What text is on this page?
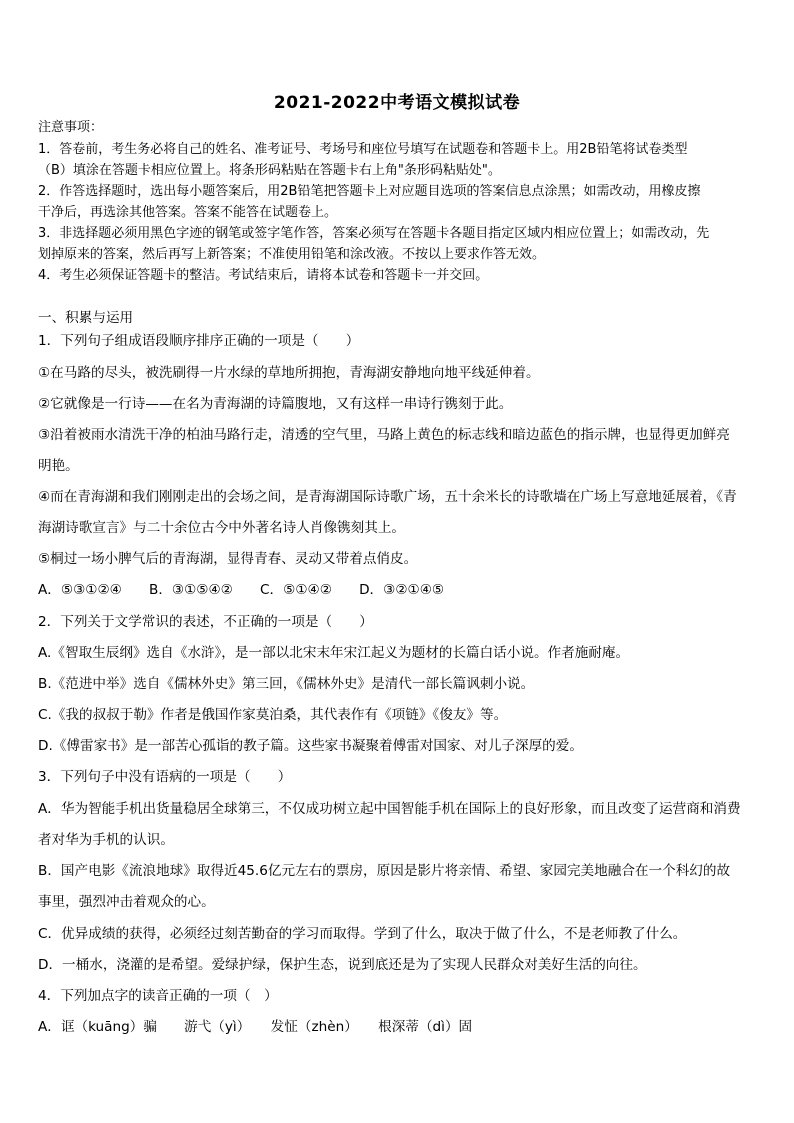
2021-2022中考语文模拟试卷
注意事项：
1．答卷前，考生务必将自己的姓名、准考证号、考场号和座位号填写在试题卷和答题卡上。用2B铅笔将试卷类型
（B）填涂在答题卡相应位置上。将条形码粘贴在答题卡右上角"条形码粘贴处"。
2．作答选择题时，选出每小题答案后，用2B铅笔把答题卡上对应题目选项的答案信息点涂黑；如需改动，用橡皮擦
干净后，再选涂其他答案。答案不能答在试题卷上。
3．非选择题必须用黑色字迹的钢笔或签字笔作答，答案必须写在答题卡各题目指定区域内相应位置上；如需改动，先
划掉原来的答案，然后再写上新答案；不准使用铅笔和涂改液。不按以上要求作答无效。
4．考生必须保证答题卡的整洁。考试结束后，请将本试卷和答题卡一并交回。
一、积累与运用
1．下列句子组成语段顺序排序正确的一项是（　　）
①在马路的尽头，被洗刷得一片水绿的草地所拥抱，青海湖安静地向地平线延伸着。
②它就像是一行诗——在名为青海湖的诗篇腹地，又有这样一串诗行镌刻于此。
③沿着被雨水清洗干净的柏油马路行走，清透的空气里，马路上黄色的标志线和暗边蓝色的指示牌，也显得更加鲜亮
明艳。
④而在青海湖和我们刚刚走出的会场之间，是青海湖国际诗歌广场，五十余米长的诗歌墙在广场上写意地延展着，《青
海湖诗歌宣言》与二十余位古今中外著名诗人肖像镌刻其上。
⑤桐过一场小脾气后的青海湖，显得青春、灵动又带着点俏皮。
A．⑤③①②④　　B．③①⑤④②　　C．⑤①④②　　D．③②①④⑤
2．下列关于文学常识的表述，不正确的一项是（　　）
A.《智取生辰纲》选自《水浒》，是一部以北宋末年宋江起义为题材的长篇白话小说。作者施耐庵。
B.《范进中举》选自《儒林外史》第三回，《儒林外史》是清代一部长篇讽刺小说。
C.《我的叔叔于勒》作者是俄国作家莫泊桑，其代表作有《项链》《俊友》等。
D.《傅雷家书》是一部苦心孤诣的教子篇。这些家书凝聚着傅雷对国家、对儿子深厚的爱。
3．下列句子中没有语病的一项是（　　）
A．华为智能手机出货量稳居全球第三，不仅成功树立起中国智能手机在国际上的良好形象，而且改变了运营商和消费
者对华为手机的认识。
B．国产电影《流浪地球》取得近45.6亿元左右的票房，原因是影片将亲情、希望、家园完美地融合在一个科幻的故
事里，强烈冲击着观众的心。
C．优异成绩的获得，必须经过刻苦勤奋的学习而取得。学到了什么，取决于做了什么，不是老师教了什么。
D．一桶水，浇灌的是希望。爱绿护绿，保护生态，说到底还是为了实现人民群众对美好生活的向往。
4．下列加点字的读音正确的一项（　）
A．诓（kuāng）骗　　游弋（yì）　　发怔（zhèn）　　根深蒂（dì）固
